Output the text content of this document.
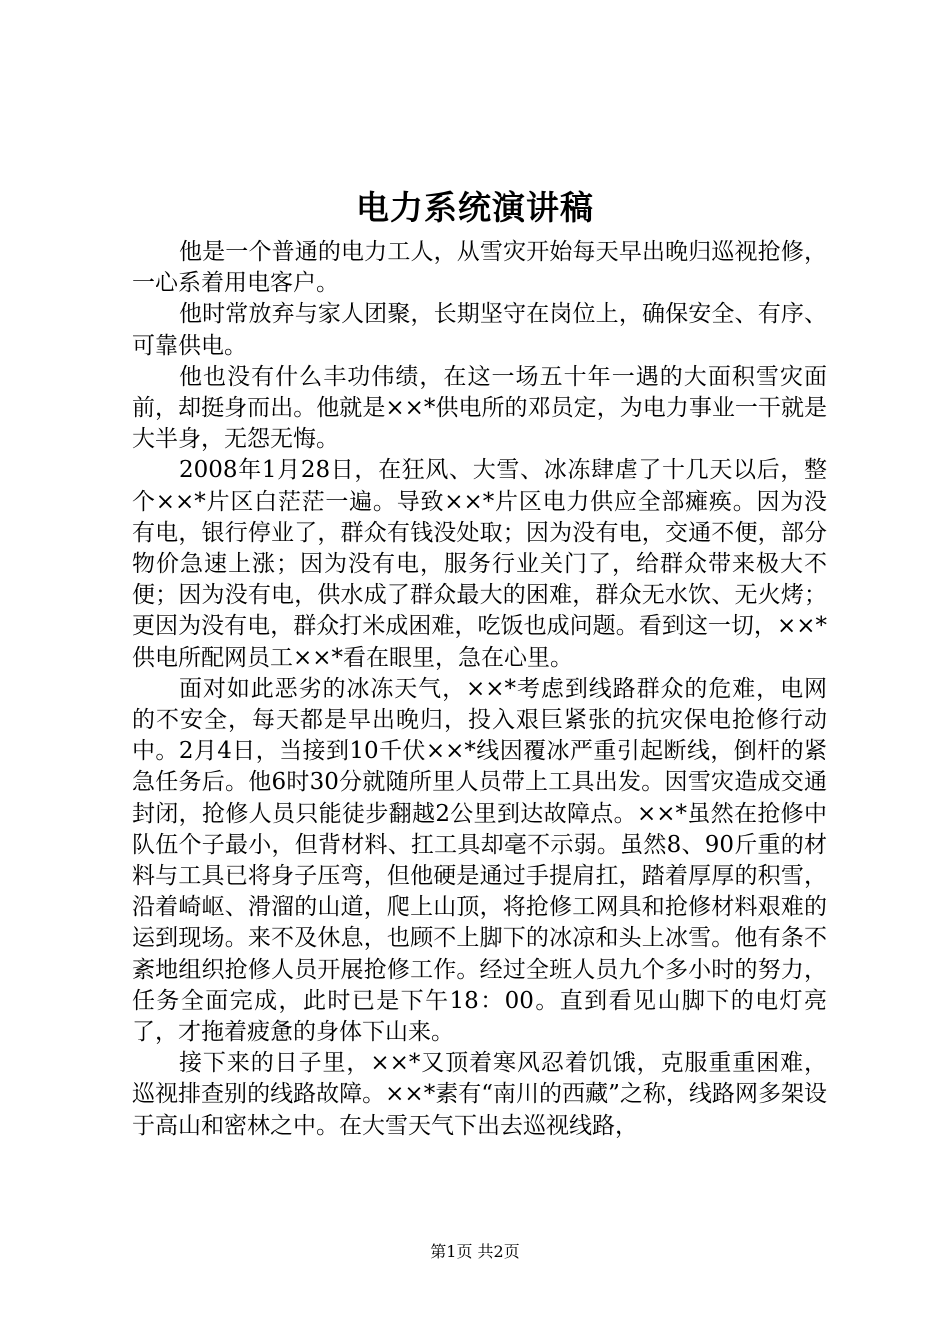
电力系统演讲稿

他是一个普通的电力工人，从雪灾开始每天早出晚归巡视抢修，一心系着用电客户。

他时常放弃与家人团聚，长期坚守在岗位上，确保安全、有序、可靠供电。

他也没有什么丰功伟绩，在这一场五十年一遇的大面积雪灾面前，却挺身而出。他就是××*供电所的邓员定，为电力事业一干就是大半身，无怨无悔。

2008年1月28日，在狂风、大雪、冰冻肆虐了十几天以后，整个××*片区白茫茫一遍。导致××*片区电力供应全部瘫痪。因为没有电，银行停业了，群众有钱没处取；因为没有电，交通不便，部分物价急速上涨；因为没有电，服务行业关门了，给群众带来极大不便；因为没有电，供水成了群众最大的困难，群众无水饮、无火烤；更因为没有电，群众打米成困难，吃饭也成问题。看到这一切，××*供电所配网员工××*看在眼里，急在心里。

面对如此恶劣的冰冻天气，××*考虑到线路群众的危难，电网的不安全，每天都是早出晚归，投入艰巨紧张的抗灾保电抢修行动中。2月4日，当接到10千伏××*线因覆冰严重引起断线，倒杆的紧急任务后。他6时30分就随所里人员带上工具出发。因雪灾造成交通封闭，抢修人员只能徒步翻越2公里到达故障点。××*虽然在抢修中队伍个子最小，但背材料、扛工具却毫不示弱。虽然8、90斤重的材料与工具已将身子压弯，但他硬是通过手提肩扛，踏着厚厚的积雪，沿着崎岖、滑溜的山道，爬上山顶，将抢修工网具和抢修材料艰难的运到现场。来不及休息，也顾不上脚下的冰凉和头上冰雪。他有条不紊地组织抢修人员开展抢修工作。经过全班人员九个多小时的努力，任务全面完成，此时已是下午18：00。直到看见山脚下的电灯亮了，才拖着疲惫的身体下山来。

接下来的日子里，××*又顶着寒风忍着饥饿，克服重重困难，巡视排查别的线路故障。××*素有“南川的西藏”之称，线路网多架设于高山和密林之中。在大雪天气下出去巡视线路，

第1页 共2页
